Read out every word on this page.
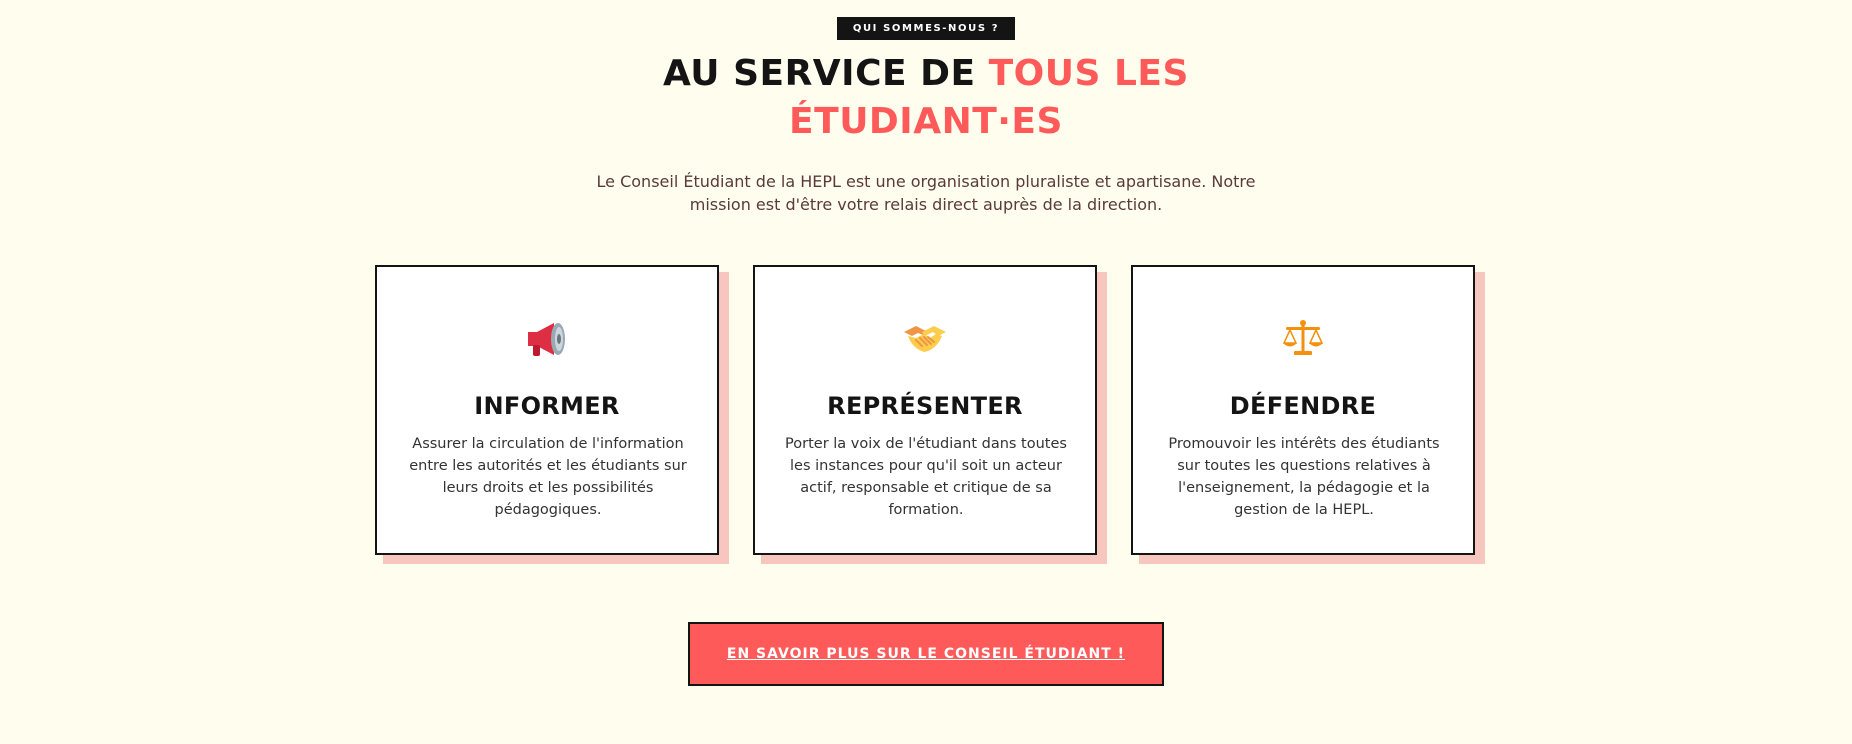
QUI SOMMES-NOUS ?
AU SERVICE DE TOUS LES
ÉTUDIANT·ES

Le Conseil Étudiant de la HEPL est une organisation pluraliste et apartisane. Notre
mission est d'être votre relais direct auprès de la direction.

INFORMER
Assurer la circulation de l'information entre les autorités et les étudiants sur leurs droits et les possibilités pédagogiques.
REPRÉSENTER
Porter la voix de l'étudiant dans toutes les instances pour qu'il soit un acteur actif, responsable et critique de sa formation.
DÉFENDRE
Promouvoir les intérêts des étudiants sur toutes les questions relatives à l'enseignement, la pédagogie et la gestion de la HEPL.
EN SAVOIR PLUS SUR LE CONSEIL ÉTUDIANT !
